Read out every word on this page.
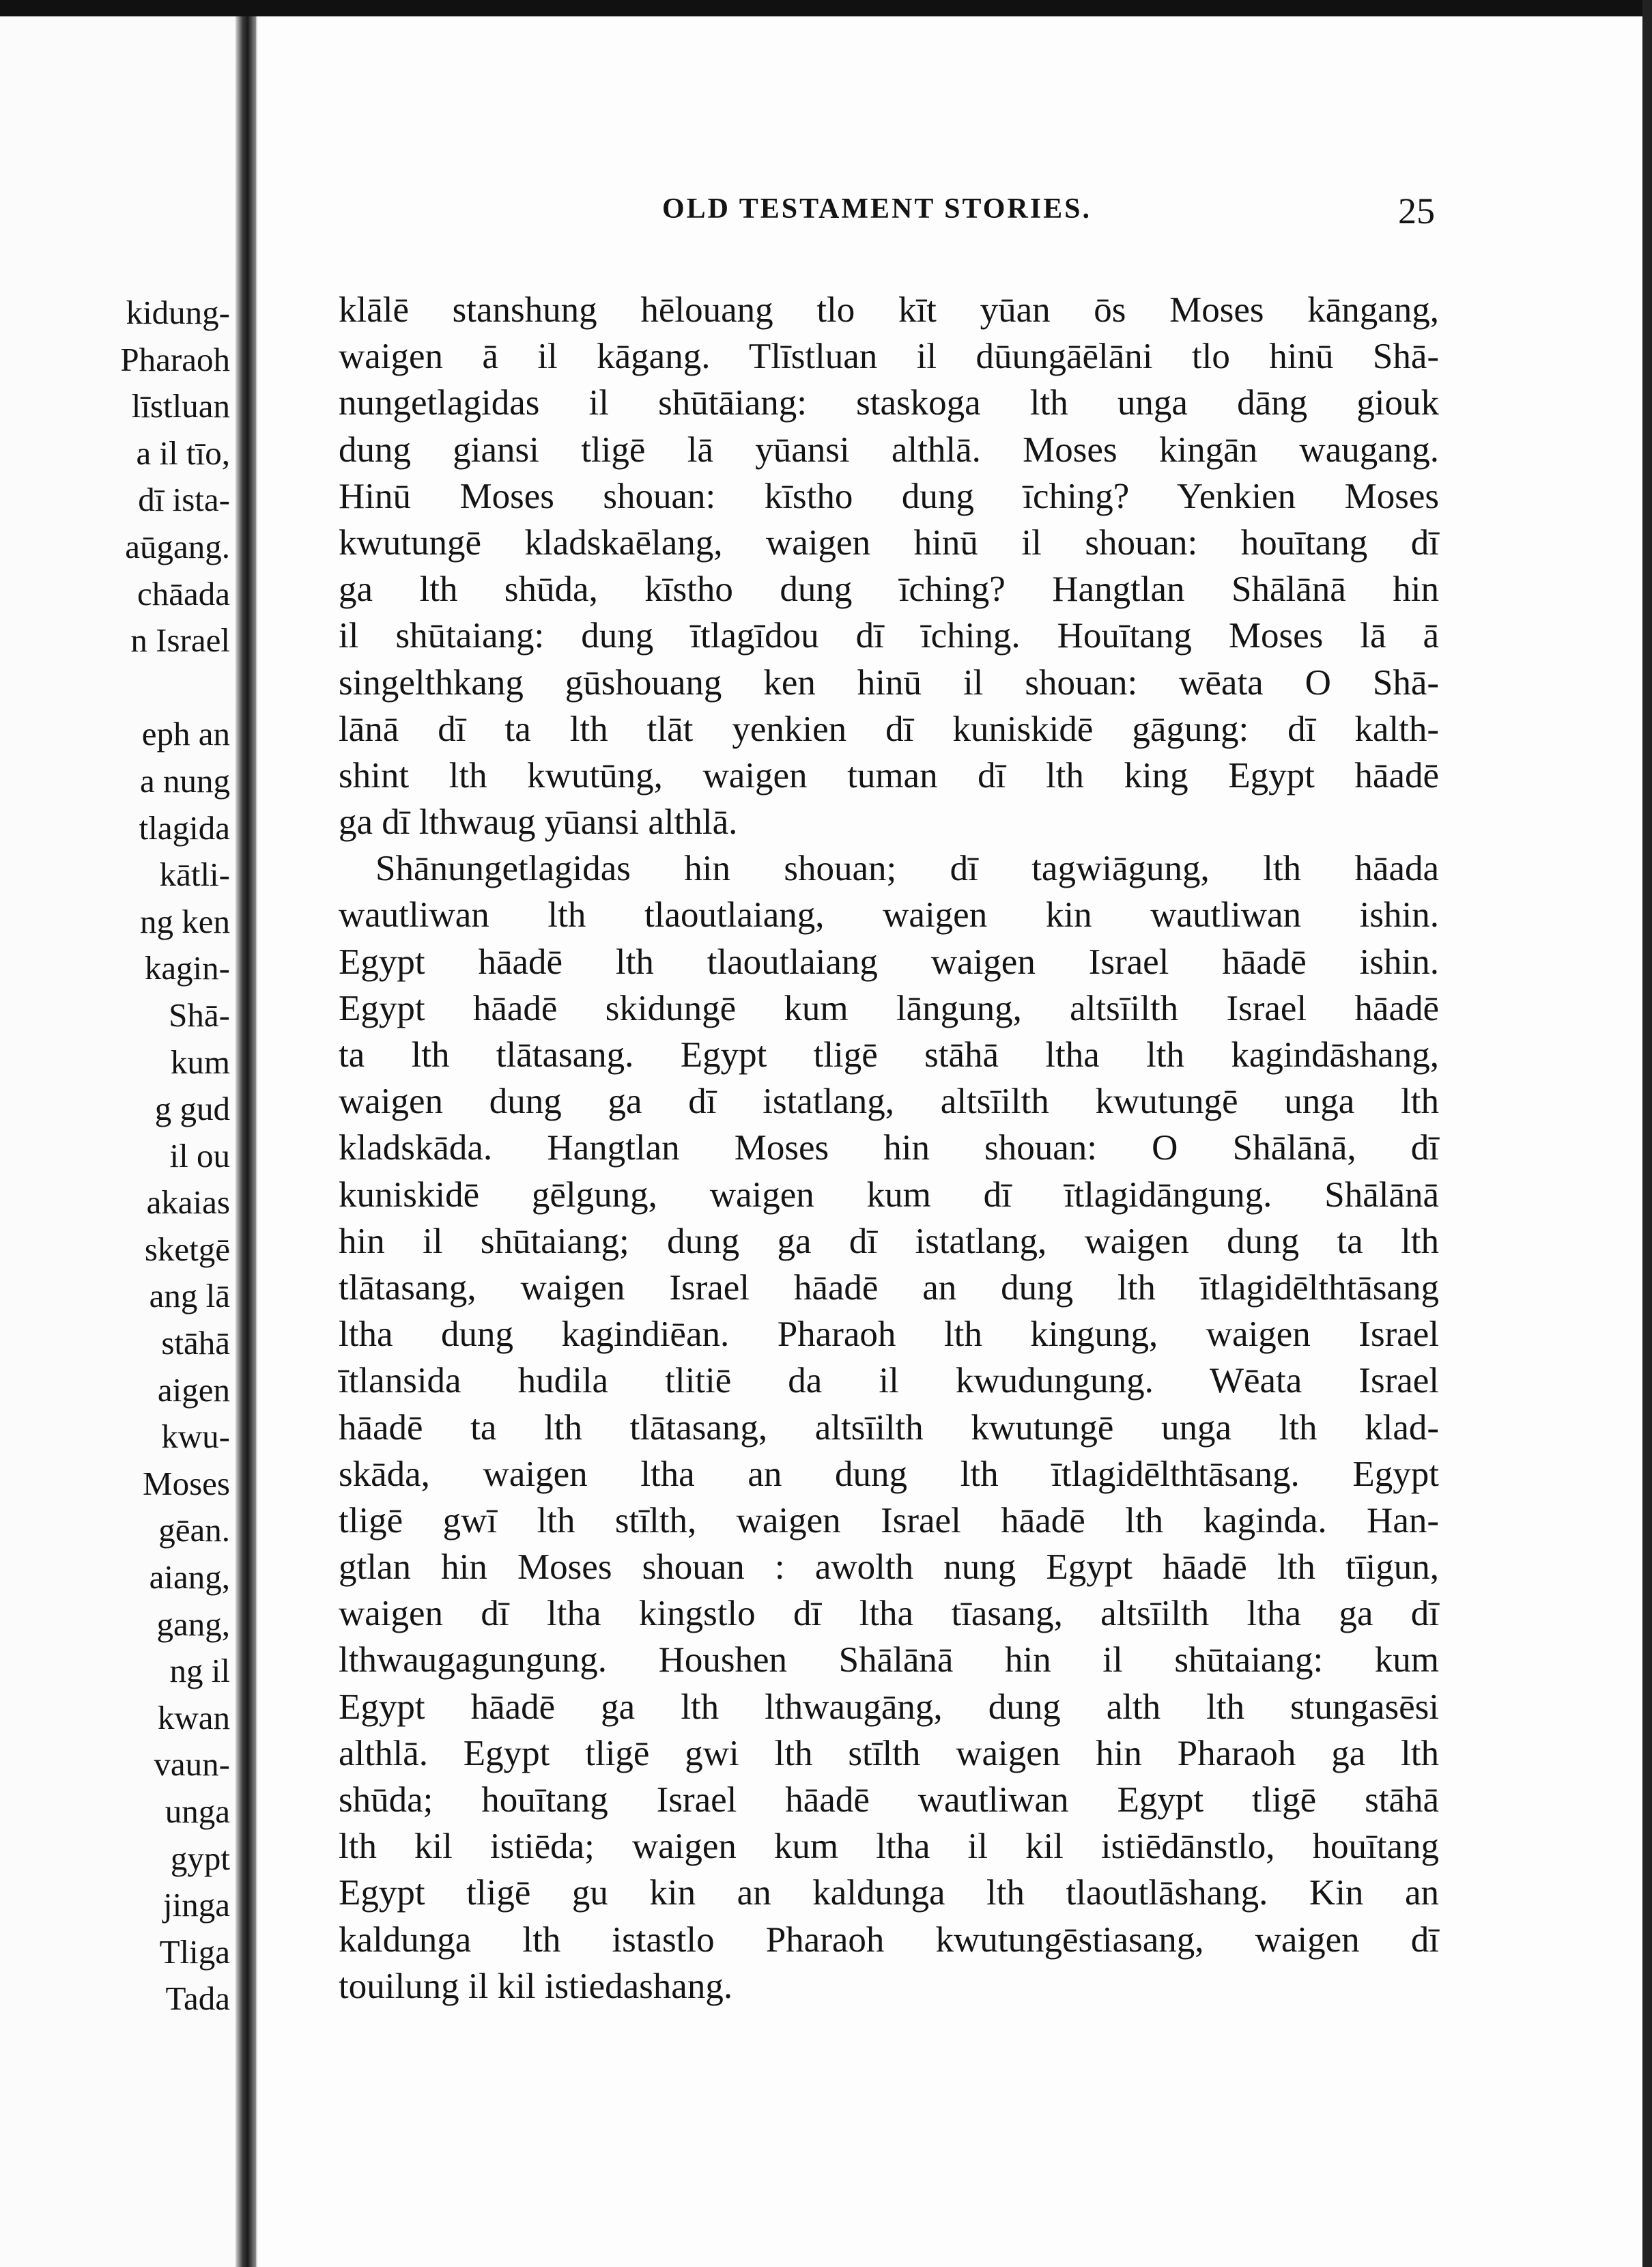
kidung-
Pharaoh
līstluan
a il tīo,
dī ista-
aūgang.
chāada
n Israel
eph an
a nung
tlagida
kātli-
ng ken
kagin-
Shā-
kum
g gud
il ou
akaias
sketgē
ang lā
stāhā
aigen
kwu-
Moses
gēan.
aiang,
gang,
ng il
kwan
vaun-
unga
gypt
jinga
Tliga
Tada
OLD TESTAMENT STORIES.	25
klālē stanshung hēlouang tlo kīt yūan ōs Moses kāngang,
waigen ā il kāgang. Tlīstluan il dūungāēlāni tlo hinū Shā-
nungetlagidas il shūtāiang: staskoga lth unga dāng giouk
dung giansi tligē lā yūansi althlā. Moses kingān waugang.
Hinū Moses shouan: kīstho dung īching? Yenkien Moses
kwutungē kladskaēlang, waigen hinū il shouan: houītang dī
ga lth shūda, kīstho dung īching? Hangtlan Shālānā hin
il shūtaiang: dung ītlagīdou dī īching. Houītang Moses lā ā
singelthkang gūshouang ken hinū il shouan: wēata O Shā-
lānā dī ta lth tlāt yenkien dī kuniskidē gāgung: dī kalth-
shint lth kwutūng, waigen tuman dī lth king Egypt hāadē
ga dī lthwaug yūansi althlā.
Shānungetlagidas hin shouan; dī tagwiāgung, lth hāada
wautliwan lth tlaoutlaiang, waigen kin wautliwan ishin.
Egypt hāadē lth tlaoutlaiang waigen Israel hāadē ishin.
Egypt hāadē skidungē kum lāngung, altsīilth Israel hāadē
ta lth tlātasang. Egypt tligē stāhā ltha lth kagindāshang,
waigen dung ga dī istatlang, altsīilth kwutungē unga lth
kladskāda. Hangtlan Moses hin shouan: O Shālānā, dī
kuniskidē gēlgung, waigen kum dī ītlagidāngung. Shālānā
hin il shūtaiang; dung ga dī istatlang, waigen dung ta lth
tlātasang, waigen Israel hāadē an dung lth ītlagidēlthtāsang
ltha dung kagindiēan. Pharaoh lth kingung, waigen Israel
ītlansida hudila tlitiē da il kwudungung. Wēata Israel
hāadē ta lth tlātasang, altsīilth kwutungē unga lth klad-
skāda, waigen ltha an dung lth ītlagidēlthtāsang. Egypt
tligē gwī lth stīlth, waigen Israel hāadē lth kaginda. Han-
gtlan hin Moses shouan : awolth nung Egypt hāadē lth tīigun,
waigen dī ltha kingstlo dī ltha tīasang, altsīilth ltha ga dī
lthwaugagungung. Houshen Shālānā hin il shūtaiang: kum
Egypt hāadē ga lth lthwaugāng, dung alth lth stungasēsi
althlā. Egypt tligē gwi lth stīlth waigen hin Pharaoh ga lth
shūda; houītang Israel hāadē wautliwan Egypt tligē stāhā
lth kil istiēda; waigen kum ltha il kil istiēdānstlo, houītang
Egypt tligē gu kin an kaldunga lth tlaoutlāshang. Kin an
kaldunga lth istastlo Pharaoh kwutungēstiasang, waigen dī
touilung il kil istiedashang.
